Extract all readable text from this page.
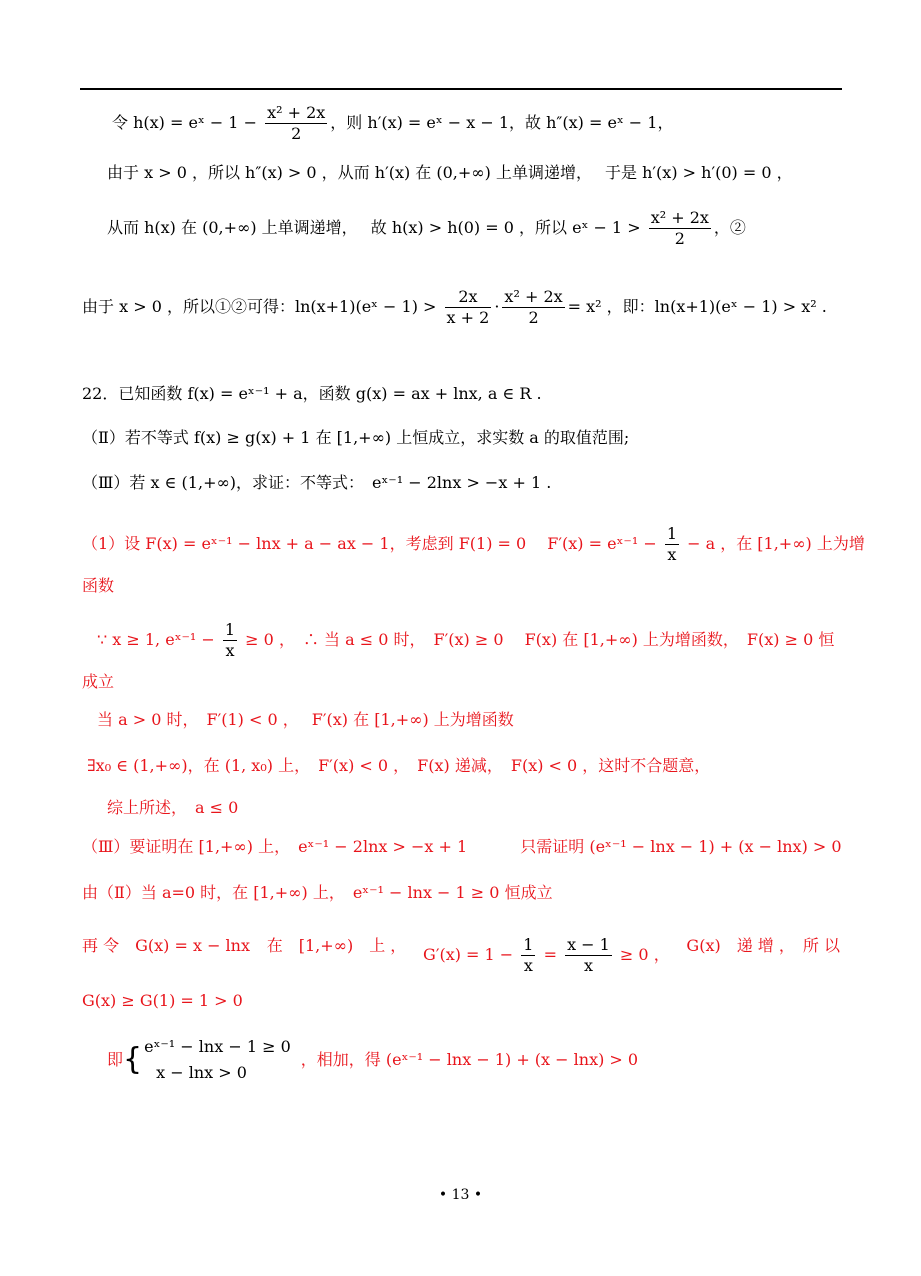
令 h(x) = eˣ − $1 - \frac{\text{x² + 2x}}{2}$ ，则 h′(x) = eˣ − x − 1，故 h″(x) = eˣ − 1，
由于 x > 0 ，所以 h″(x) > 0 ，从而 h′(x) 在 (0,+∞) 上单调递增，　 于是 h′(x) > h′(0) = 0 ，
从而 h(x) 在 (0,+∞) 上单调递增，　 故 h(x) > h(0) = 0 ，所以 eˣ − $1 > \frac{\text{x² + 2x}}{2}$ ，②
由于 x > 0 ，所以①②可得：ln(x+1)(eˣ − $1) > \frac{2x}{x + 2} \cdot \frac{\text{x² + 2x}}{2} = x^2$ ，即：ln(x+1)(eˣ − 1) > x² .
22．已知函数 f(x) = eˣ⁻¹ + a，函数 g(x) = ax + lnx, a ∈ R .
（Ⅱ）若不等式 f(x) ≥ g(x) + 1 在 [1,+∞) 上恒成立，求实数 a 的取值范围;
（Ⅲ）若 x ∈ (1,+∞)，求证：不等式：　eˣ⁻¹ − 2lnx > −x + 1 .
（1）设 F(x) = eˣ⁻¹ − lnx + a − ax − 1，考虑到 F(1) = 0　 F′(x) = eˣ⁻¹ − $\frac{1}{x} - a$ ，在 [1,+∞) 上为增
函数
∵ x ≥ 1, eˣ⁻¹ − $\frac{1}{x} \ge 0$ ，　∴ 当 a ≤ 0 时，　F′(x) ≥ 0　 F(x) 在 [1,+∞) 上为增函数，　F(x) ≥ 0 恒
成立
当 a > 0 时，　F′(1) < 0 ，　 F′(x) 在 [1,+∞) 上为增函数
∃x₀ ∈ (1,+∞)，在 (1, x₀) 上，　F′(x) < 0 ，　F(x) 递减，　F(x) < 0 ，这时不合题意，
综上所述，　a ≤ 0
（Ⅲ）要证明在 [1,+∞) 上，　eˣ⁻¹ − 2lnx > −x + 1　　　 只需证明 (eˣ⁻¹ − lnx − 1) + (x − lnx) > 0
由（Ⅱ）当 a=0 时，在 [1,+∞) 上，　eˣ⁻¹ − lnx − 1 ≥ 0 恒成立
再 令　G(x) = x − lnx 在　[1,+∞)　上 ， $G'(x) = 1 - \frac{1}{x} = \frac{x - 1}{x} \ge 0$ ， G(x)　递 增 ，　所 以
G(x) ≥ G(1) = 1 > 0
即{ eˣ⁻¹ − lnx − 1 ≥ 0
x − lnx > 0
，相加，得 (eˣ⁻¹ − lnx − 1) + (x − lnx) > 0
• 13 •
